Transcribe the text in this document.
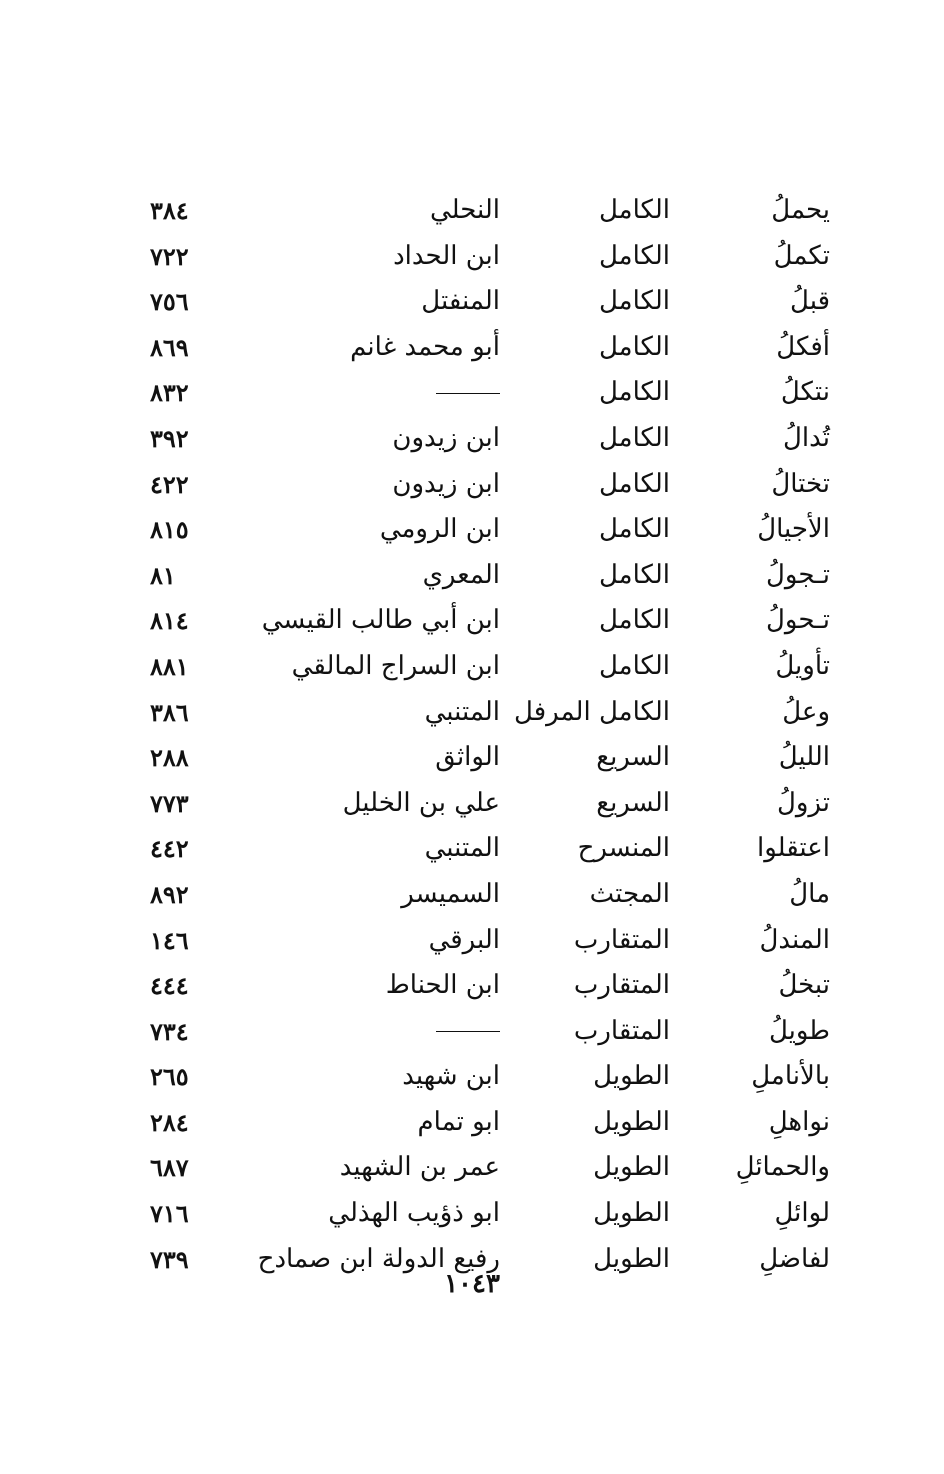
يحملُ
الكامل
النحلي
٣٨٤
تكملُ
الكامل
ابن الحداد
٧٢٢
قبلُ
الكامل
المنفتل
٧٥٦
أفكلُ
الكامل
أبو محمد غانم
٨٦٩
نتكلُ
الكامل
٨٣٢
تُدالُ
الكامل
ابن زيدون
٣٩٢
تختالُ
الكامل
ابن زيدون
٤٢٢
الأجيالُ
الكامل
ابن الرومي
٨١٥
تـجولُ
الكامل
المعري
٨١
تـحولُ
الكامل
ابن أبي طالب القيسي
٨١٤
تأويلُ
الكامل
ابن السراج المالقي
٨٨١
وعلُ
الكامل المرفل
المتنبي
٣٨٦
الليلُ
السريع
الواثق
٢٨٨
تزولُ
السريع
علي بن الخليل
٧٧٣
اعتقلوا
المنسرح
المتنبي
٤٤٢
مالُ
المجتث
السميسر
٨٩٢
المندلُ
المتقارب
البرقي
١٤٦
تبخلُ
المتقارب
ابن الحناط
٤٤٤
طويلُ
المتقارب
٧٣٤
بالأناملِ
الطويل
ابن شهيد
٢٦٥
نواهلِ
الطويل
ابو تمام
٢٨٤
والحمائلِ
الطويل
عمر بن الشهيد
٦٨٧
لوائلِ
الطويل
ابو ذؤيب الهذلي
٧١٦
لفاضلِ
الطويل
رفيع الدولة ابن صمادح
٧٣٩
١٠٤٣
